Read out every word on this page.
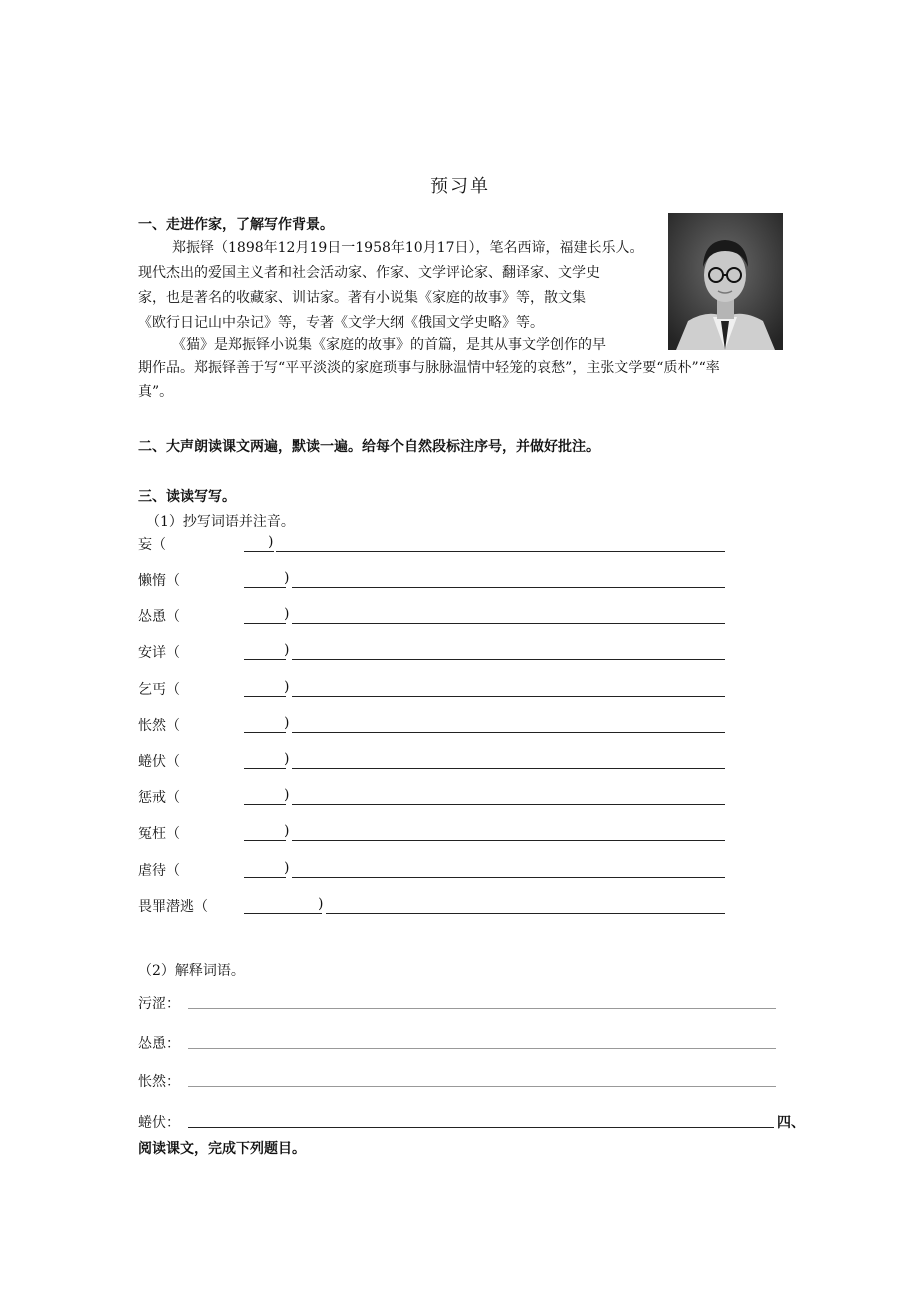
预习单
一、走进作家，了解写作背景。
郑振铎（1898年12月19日一1958年10月17日），笔名西谛，福建长乐人。
现代杰出的爱国主义者和社会活动家、作家、文学评论家、翻译家、文学史
家，也是著名的收藏家、训诂家。著有小说集《家庭的故事》等，散文集
《欧行日记山中杂记》等，专著《文学大纲《俄国文学史略》等。
《猫》是郑振铎小说集《家庭的故事》的首篇，是其从事文学创作的早
期作品。郑振铎善于写“平平淡淡的家庭琐事与脉脉温情中轻笼的哀愁”，主张文学要“质朴”“率
真”。
二、大声朗读课文两遍，默读一遍。给每个自然段标注序号，并做好批注。
三、读读写写。
（1）抄写词语并注音。
妄（	)
懒惰（	)
怂恿（	)
安详（	)
乞丐（	)
怅然（	)
蜷伏（	)
惩戒（	)
冤枉（	)
虐待（	)
畏罪潜逃（	)
（2）解释词语。
污涩：
怂恿：
怅然：
蜷伏：	四、
阅读课文，完成下列题目。
